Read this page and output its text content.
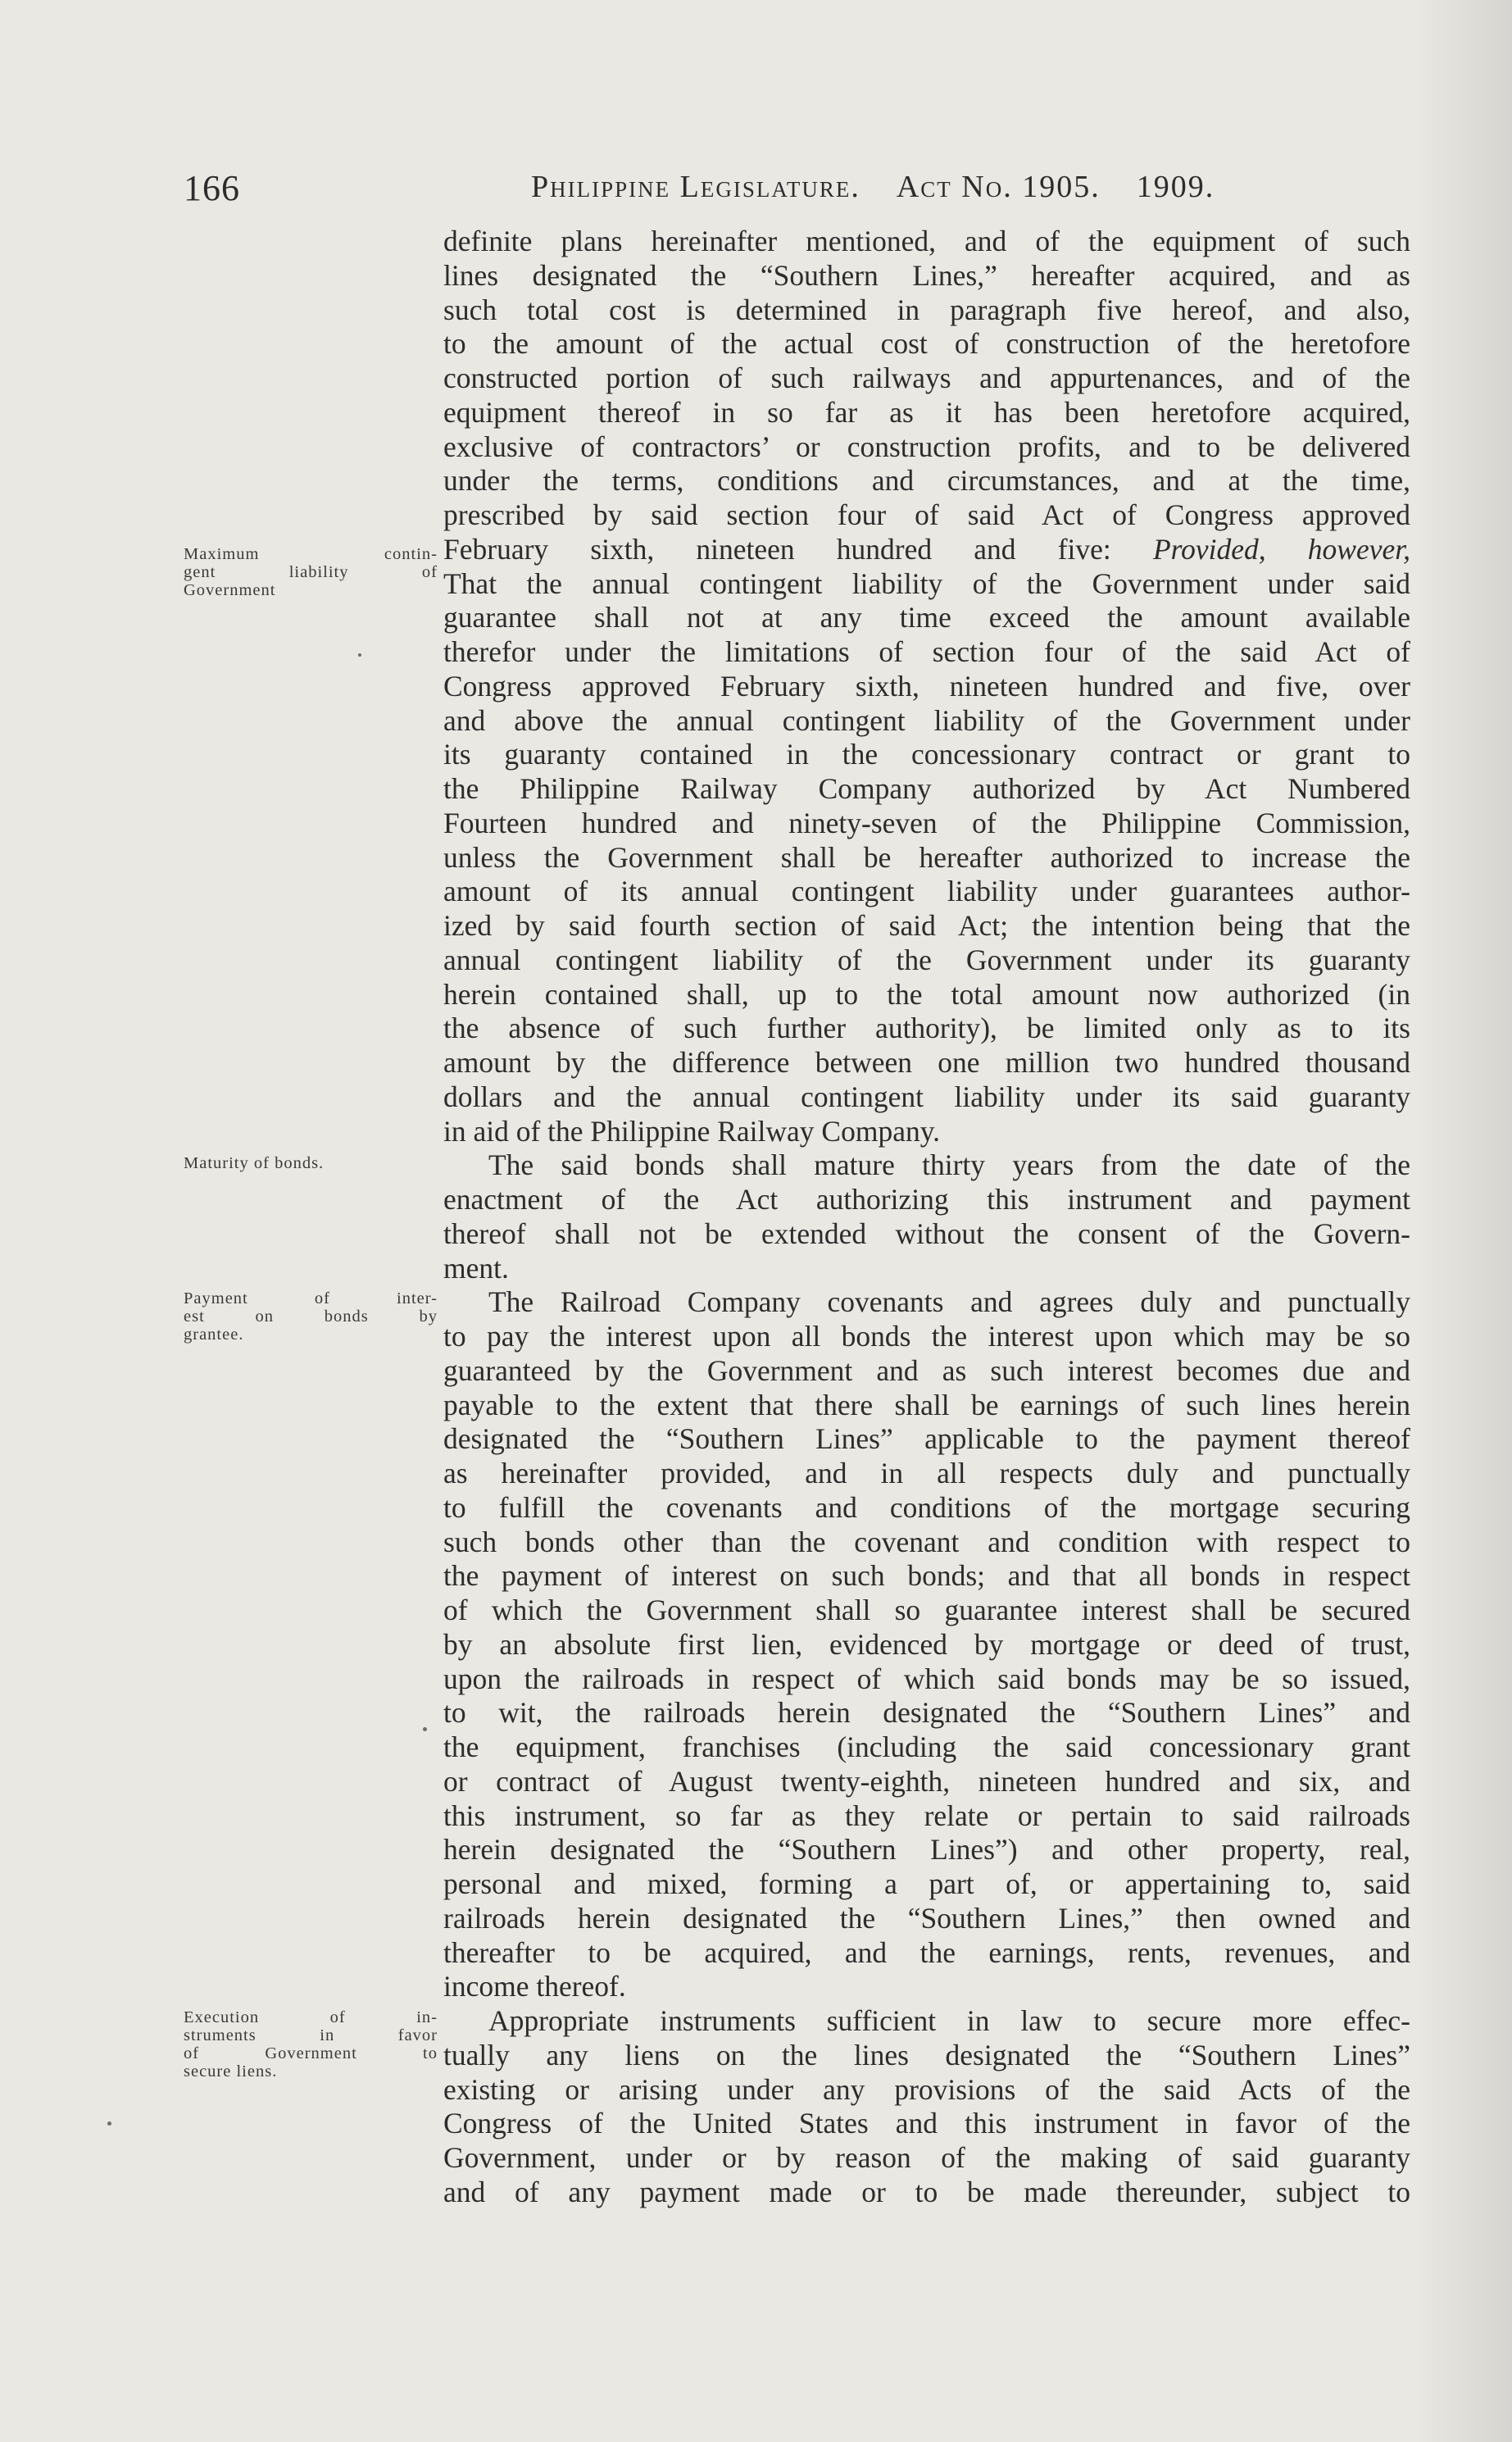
166	Philippine Legislature. Act No. 1905. 1909.
Maximum contin-
gent liability of
Government
Maturity of bonds.
Payment of inter-
est on bonds by
grantee.
Execution of in-
struments in favor
of Government to
secure liens.
definite plans hereinafter mentioned, and of the equipment of such
lines designated the “Southern Lines,” hereafter acquired, and as
such total cost is determined in paragraph five hereof, and also,
to the amount of the actual cost of construction of the heretofore
constructed portion of such railways and appurtenances, and of the
equipment thereof in so far as it has been heretofore acquired,
exclusive of contractors’ or construction profits, and to be delivered
under the terms, conditions and circumstances, and at the time,
prescribed by said section four of said Act of Congress approved
February sixth, nineteen hundred and five: Provided, however,
That the annual contingent liability of the Government under said
guarantee shall not at any time exceed the amount available
therefor under the limitations of section four of the said Act of
Congress approved February sixth, nineteen hundred and five, over
and above the annual contingent liability of the Government under
its guaranty contained in the concessionary contract or grant to
the Philippine Railway Company authorized by Act Numbered
Fourteen hundred and ninety-seven of the Philippine Commission,
unless the Government shall be hereafter authorized to increase the
amount of its annual contingent liability under guarantees author-
ized by said fourth section of said Act; the intention being that the
annual contingent liability of the Government under its guaranty
herein contained shall, up to the total amount now authorized (in
the absence of such further authority), be limited only as to its
amount by the difference between one million two hundred thousand
dollars and the annual contingent liability under its said guaranty
in aid of the Philippine Railway Company.
The said bonds shall mature thirty years from the date of the
enactment of the Act authorizing this instrument and payment
thereof shall not be extended without the consent of the Govern-
ment.
The Railroad Company covenants and agrees duly and punctually
to pay the interest upon all bonds the interest upon which may be so
guaranteed by the Government and as such interest becomes due and
payable to the extent that there shall be earnings of such lines herein
designated the “Southern Lines” applicable to the payment thereof
as hereinafter provided, and in all respects duly and punctually
to fulfill the covenants and conditions of the mortgage securing
such bonds other than the covenant and condition with respect to
the payment of interest on such bonds; and that all bonds in respect
of which the Government shall so guarantee interest shall be secured
by an absolute first lien, evidenced by mortgage or deed of trust,
upon the railroads in respect of which said bonds may be so issued,
to wit, the railroads herein designated the “Southern Lines” and
the equipment, franchises (including the said concessionary grant
or contract of August twenty-eighth, nineteen hundred and six, and
this instrument, so far as they relate or pertain to said railroads
herein designated the “Southern Lines”) and other property, real,
personal and mixed, forming a part of, or appertaining to, said
railroads herein designated the “Southern Lines,” then owned and
thereafter to be acquired, and the earnings, rents, revenues, and
income thereof.
Appropriate instruments sufficient in law to secure more effec-
tually any liens on the lines designated the “Southern Lines”
existing or arising under any provisions of the said Acts of the
Congress of the United States and this instrument in favor of the
Government, under or by reason of the making of said guaranty
and of any payment made or to be made thereunder, subject to
